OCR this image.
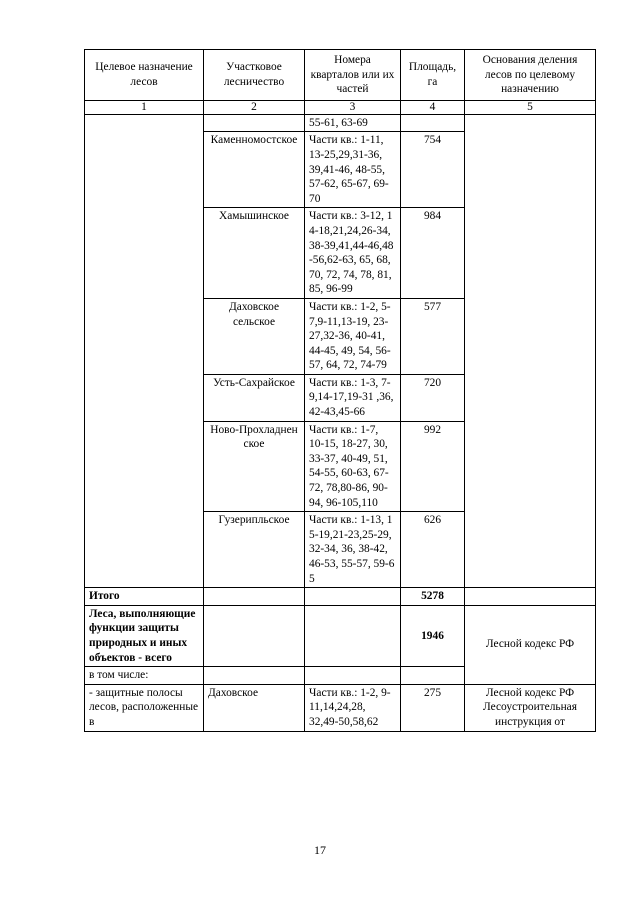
Целевое назначение лесов	Участковое лесничество	Номера кварталов или их частей	Площадь, га	Основания деления лесов по целевому назначению
1	2	3	4	5
		55-61, 63-69		
	Каменномостское	Части кв.: 1-11, 13-25,29,31-36, 39,41-46, 48-55, 57-62, 65-67, 69-70	754	
	Хамышинское	Части кв.: 3-12, 14-18,21,24,26-34,38-39,41,44-46,48-56,62-63, 65, 68, 70, 72, 74, 78, 81, 85, 96-99	984	
	Даховское сельское	Части кв.: 1-2, 5-7,9-11,13-19, 23-27,32-36, 40-41, 44-45, 49, 54, 56-57, 64, 72, 74-79	577	
	Усть-Сахрайское	Части кв.: 1-3, 7-9,14-17,19-31 ,36,42-43,45-66	720	
	Ново-Прохладненское	Части кв.: 1-7, 10-15, 18-27, 30, 33-37, 40-49, 51, 54-55, 60-63, 67-72, 78,80-86, 90-94, 96-105,110	992	
	Гузерипльское	Части кв.: 1-13, 15-19,21-23,25-29,32-34, 36, 38-42, 46-53, 55-57, 59-65	626	
Итого			5278	
Леса, выполняющие функции защиты природных и иных объектов - всего			1946	Лесной кодекс РФ
в том числе:				
- защитные полосы лесов, расположенные в	Даховское	Части кв.: 1-2, 9-11,14,24,28, 32,49-50,58,62	275	Лесной кодекс РФ
Лесоустроительная инструкция от
17
